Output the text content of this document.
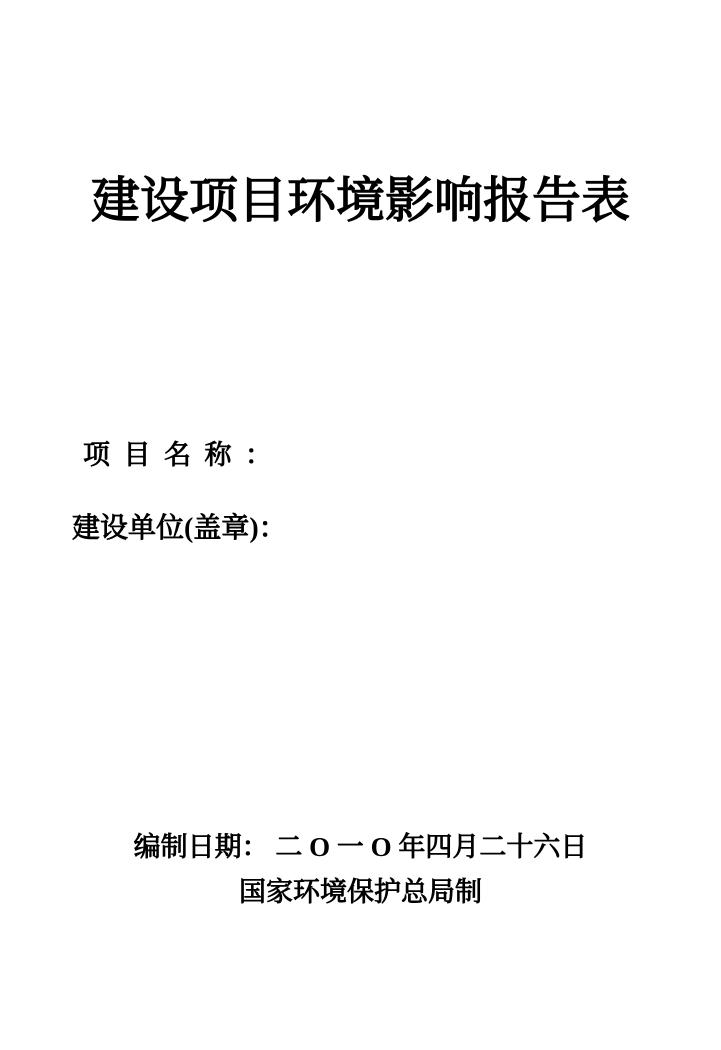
建设项目环境影响报告表
项  目  名  称  ：
建设单位(盖章)：
编制日期： 二 O 一 O 年四月二十六日
国家环境保护总局制
